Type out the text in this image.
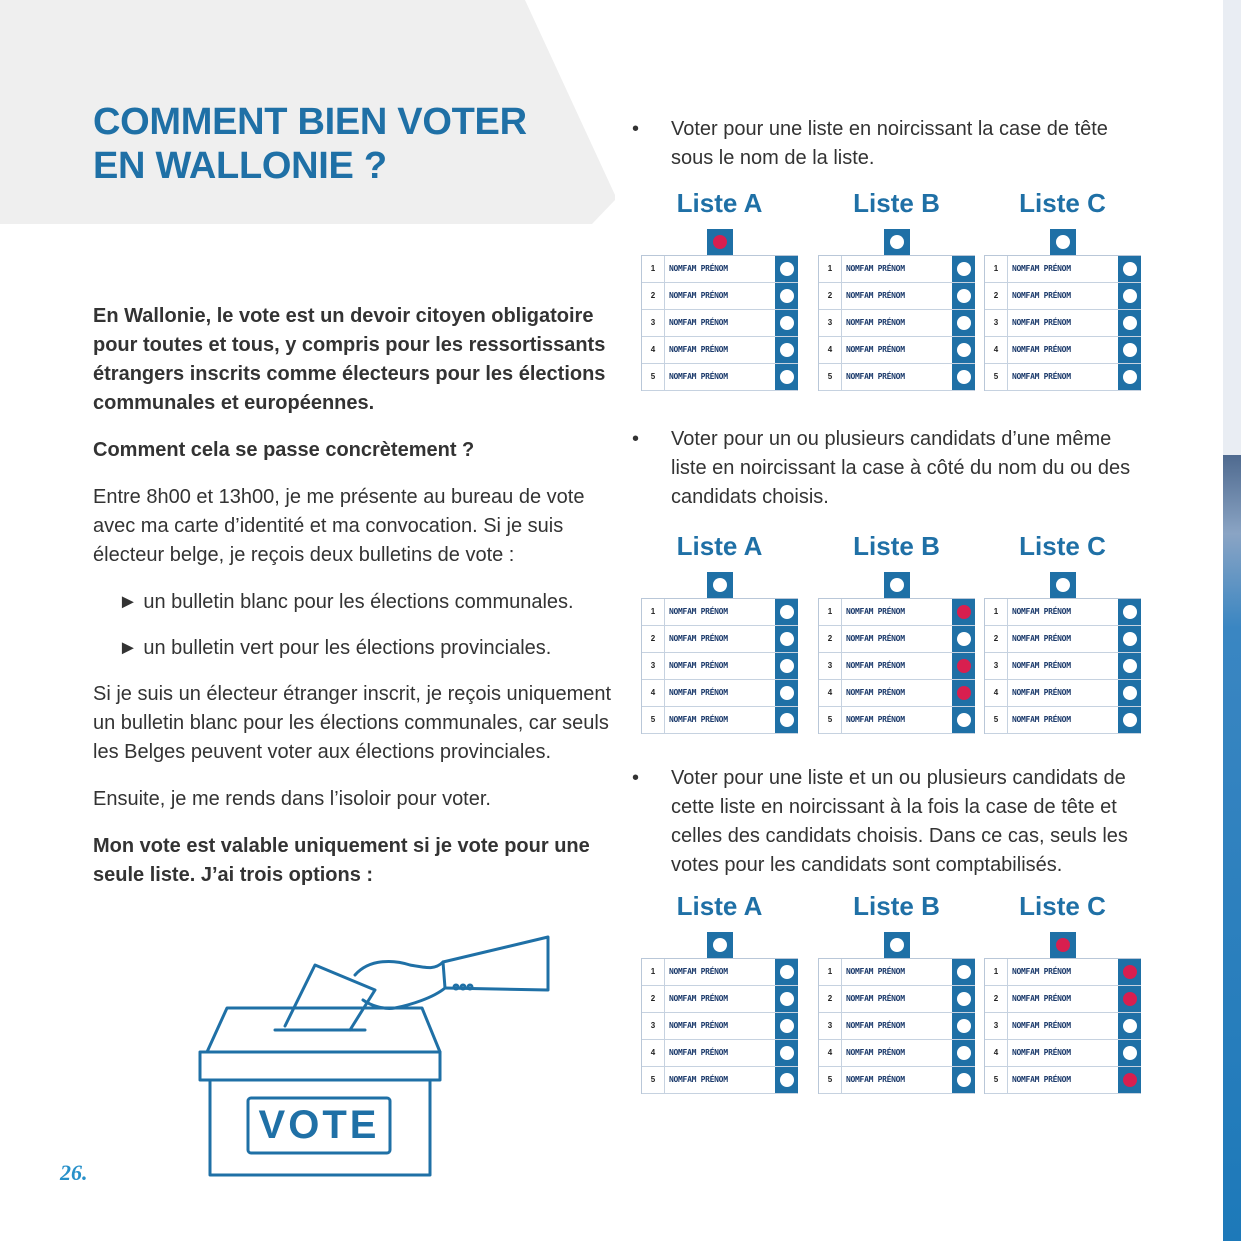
COMMENT BIEN VOTER
EN WALLONIE ?

En Wallonie, le vote est un devoir citoyen obligatoire pour toutes et tous, y compris pour les ressortissants étrangers inscrits comme électeurs pour les élections communales et européennes.

Comment cela se passe concrètement ?

Entre 8h00 et 13h00, je me présente au bureau de vote avec ma carte d’identité et ma convocation. Si je suis électeur belge, je reçois deux bulletins de vote :

► un bulletin blanc pour les élections communales.

► un bulletin vert pour les élections provinciales.

Si je suis un électeur étranger inscrit, je reçois uniquement un bulletin blanc pour les élections communales, car seuls les Belges peuvent voter aux élections provinciales.

Ensuite, je me rends dans l’isoloir pour voter.

Mon vote est valable uniquement si je vote pour une seule liste. J’ai trois options :

VOTE
• Voter pour une liste en noircissant la case de tête sous le nom de la liste.
Liste A
1	NOMFAM PRÉNOM
2	NOMFAM PRÉNOM
3	NOMFAM PRÉNOM
4	NOMFAM PRÉNOM
5	NOMFAM PRÉNOM
Liste B
1	NOMFAM PRÉNOM
2	NOMFAM PRÉNOM
3	NOMFAM PRÉNOM
4	NOMFAM PRÉNOM
5	NOMFAM PRÉNOM
Liste C
1	NOMFAM PRÉNOM
2	NOMFAM PRÉNOM
3	NOMFAM PRÉNOM
4	NOMFAM PRÉNOM
5	NOMFAM PRÉNOM
• Voter pour un ou plusieurs candidats d’une même liste en noircissant la case à côté du nom du ou des candidats choisis.
Liste A
1	NOMFAM PRÉNOM
2	NOMFAM PRÉNOM
3	NOMFAM PRÉNOM
4	NOMFAM PRÉNOM
5	NOMFAM PRÉNOM
Liste B
1	NOMFAM PRÉNOM
2	NOMFAM PRÉNOM
3	NOMFAM PRÉNOM
4	NOMFAM PRÉNOM
5	NOMFAM PRÉNOM
Liste C
1	NOMFAM PRÉNOM
2	NOMFAM PRÉNOM
3	NOMFAM PRÉNOM
4	NOMFAM PRÉNOM
5	NOMFAM PRÉNOM
• Voter pour une liste et un ou plusieurs candidats de cette liste en noircissant à la fois la case de tête et celles des candidats choisis. Dans ce cas, seuls les votes pour les candidats sont comptabilisés.
Liste A
1	NOMFAM PRÉNOM
2	NOMFAM PRÉNOM
3	NOMFAM PRÉNOM
4	NOMFAM PRÉNOM
5	NOMFAM PRÉNOM
Liste B
1	NOMFAM PRÉNOM
2	NOMFAM PRÉNOM
3	NOMFAM PRÉNOM
4	NOMFAM PRÉNOM
5	NOMFAM PRÉNOM
Liste C
1	NOMFAM PRÉNOM
2	NOMFAM PRÉNOM
3	NOMFAM PRÉNOM
4	NOMFAM PRÉNOM
5	NOMFAM PRÉNOM
26.
